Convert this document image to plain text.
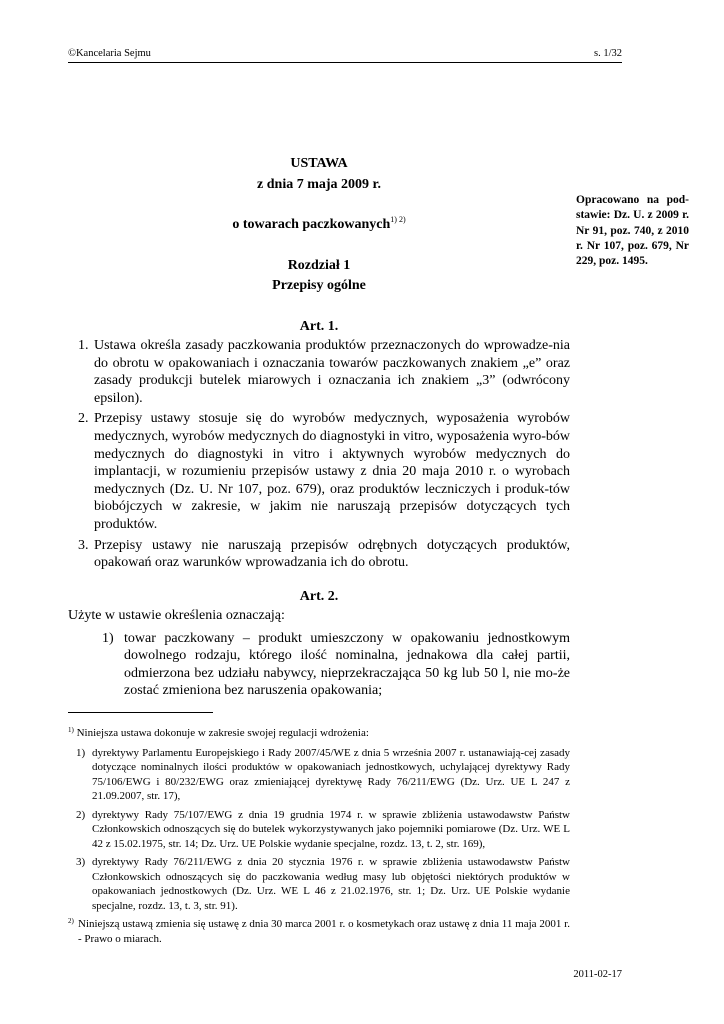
©Kancelaria Sejmu	s. 1/32
USTAWA
z dnia 7 maja 2009 r.
o towarach paczkowanych$^{1) 2)}$
Rozdział 1
Przepisy ogólne
Opracowano na pod-stawie: Dz. U. z 2009 r. Nr 91, poz. 740, z 2010 r. Nr 107, poz. 679, Nr 229, poz. 1495.
Art. 1.
1. Ustawa określa zasady paczkowania produktów przeznaczonych do wprowadze-nia do obrotu w opakowaniach i oznaczania towarów paczkowanych znakiem „e” oraz zasady produkcji butelek miarowych i oznaczania ich znakiem „3” (odwrócony epsilon).
2. Przepisy ustawy stosuje się do wyrobów medycznych, wyposażenia wyrobów medycznych, wyrobów medycznych do diagnostyki in vitro, wyposażenia wyro-bów medycznych do diagnostyki in vitro i aktywnych wyrobów medycznych do implantacji, w rozumieniu przepisów ustawy z dnia 20 maja 2010 r. o wyrobach medycznych (Dz. U. Nr 107, poz. 679), oraz produktów leczniczych i produk-tów biobójczych w zakresie, w jakim nie naruszają przepisów dotyczących tych produktów.
3. Przepisy ustawy nie naruszają przepisów odrębnych dotyczących produktów, opakowań oraz warunków wprowadzania ich do obrotu.
Art. 2.
Użyte w ustawie określenia oznaczają:
1) towar paczkowany – produkt umieszczony w opakowaniu jednostkowym dowolnego rodzaju, którego ilość nominalna, jednakowa dla całej partii, odmierzona bez udziału nabywcy, nieprzekraczająca 50 kg lub 50 l, nie mo-że zostać zmieniona bez naruszenia opakowania;

$^{1)}$ Niniejsza ustawa dokonuje w zakresie swojej regulacji wdrożenia:

1) dyrektywy Parlamentu Europejskiego i Rady 2007/45/WE z dnia 5 września 2007 r. ustanawiają-cej zasady dotyczące nominalnych ilości produktów w opakowaniach jednostkowych, uchylającej dyrektywy Rady 75/106/EWG i 80/232/EWG oraz zmieniającej dyrektywę Rady 76/211/EWG (Dz. Urz. UE L 247 z 21.09.2007, str. 17),
2) dyrektywy Rady 75/107/EWG z dnia 19 grudnia 1974 r. w sprawie zbliżenia ustawodawstw Państw Członkowskich odnoszących się do butelek wykorzystywanych jako pojemniki pomiarowe (Dz. Urz. WE L 42 z 15.02.1975, str. 14; Dz. Urz. UE Polskie wydanie specjalne, rozdz. 13, t. 2, str. 169),
3) dyrektywy Rady 76/211/EWG z dnia 20 stycznia 1976 r. w sprawie zbliżenia ustawodawstw Państw Członkowskich odnoszących się do paczkowania według masy lub objętości niektórych produktów w opakowaniach jednostkowych (Dz. Urz. WE L 46 z 21.02.1976, str. 1; Dz. Urz. UE Polskie wydanie specjalne, rozdz. 13, t. 3, str. 91).
2) Niniejszą ustawą zmienia się ustawę z dnia 30 marca 2001 r. o kosmetykach oraz ustawę z dnia 11 maja 2001 r. - Prawo o miarach.
2011-02-17
